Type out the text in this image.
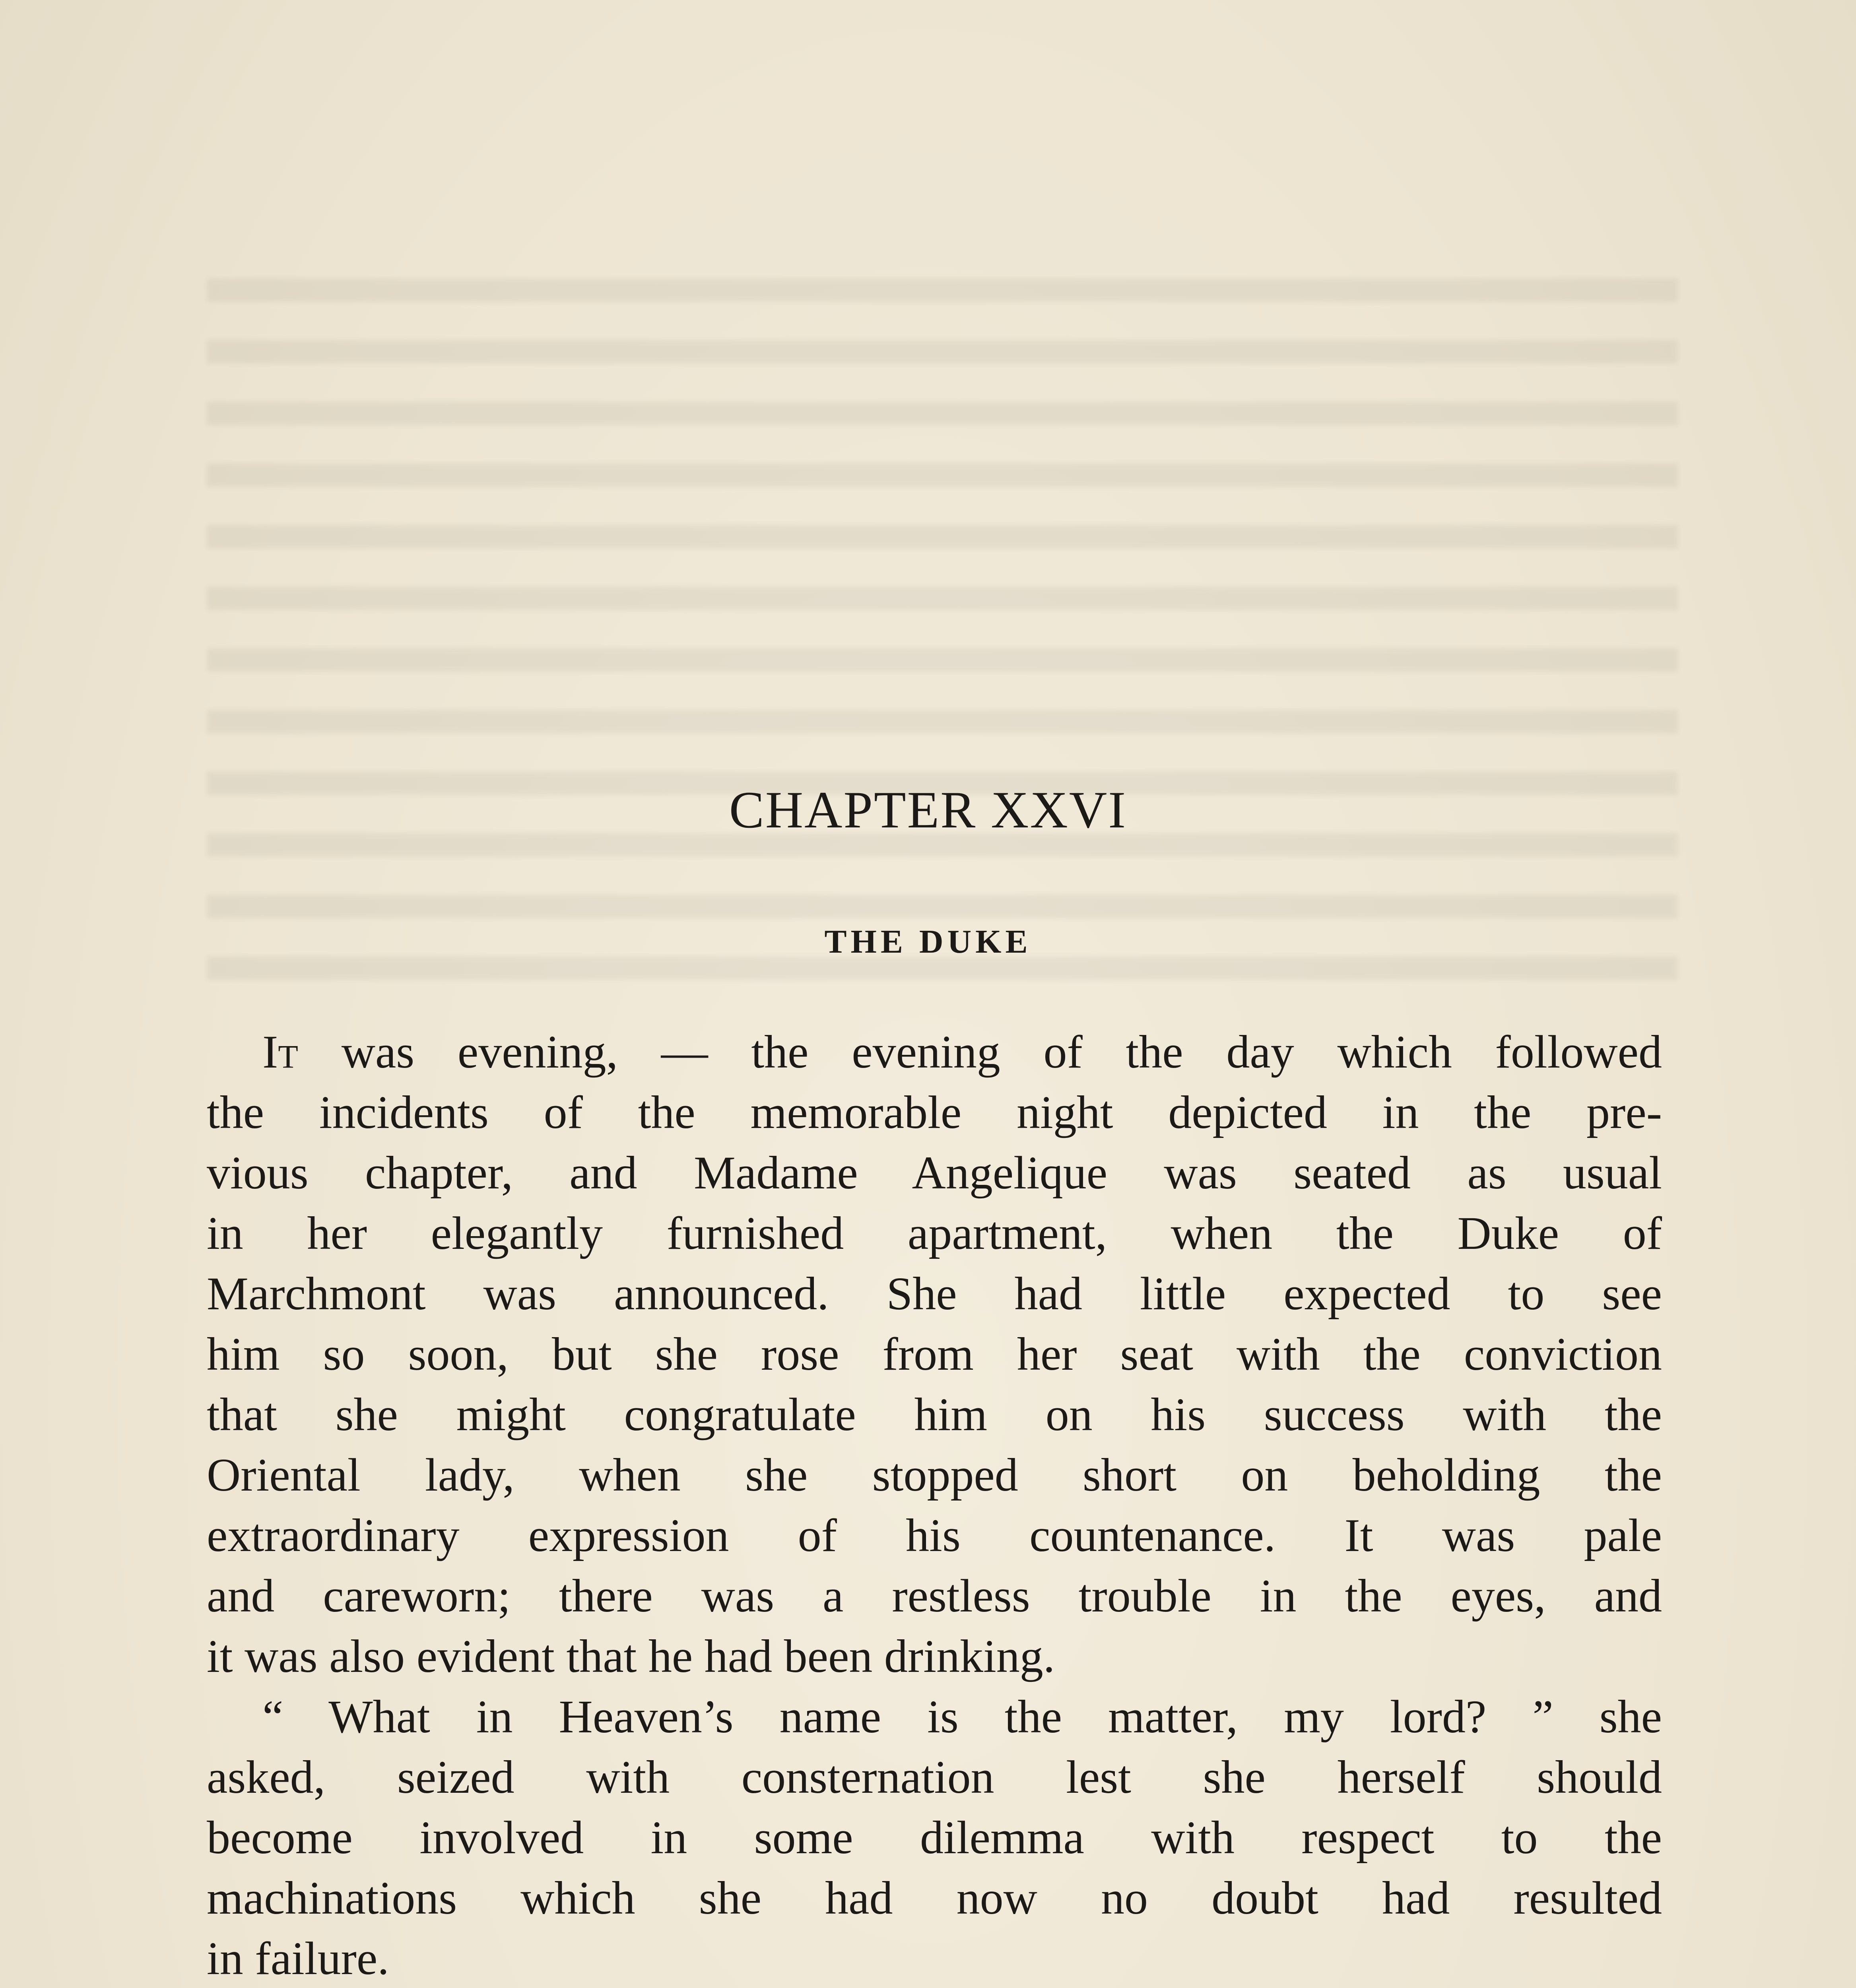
CHAPTER XXVI
THE DUKE
It was evening, — the evening of the day which followed
the incidents of the memorable night depicted in the pre-
vious chapter, and Madame Angelique was seated as usual
in her elegantly furnished apartment, when the Duke of
Marchmont was announced. She had little expected to see
him so soon, but she rose from her seat with the conviction
that she might congratulate him on his success with the
Oriental lady, when she stopped short on beholding the
extraordinary expression of his countenance. It was pale
and careworn; there was a restless trouble in the eyes, and
it was also evident that he had been drinking.
“ What in Heaven’s name is the matter, my lord? ” she
asked, seized with consternation lest she herself should
become involved in some dilemma with respect to the
machinations which she had now no doubt had resulted
in failure.
